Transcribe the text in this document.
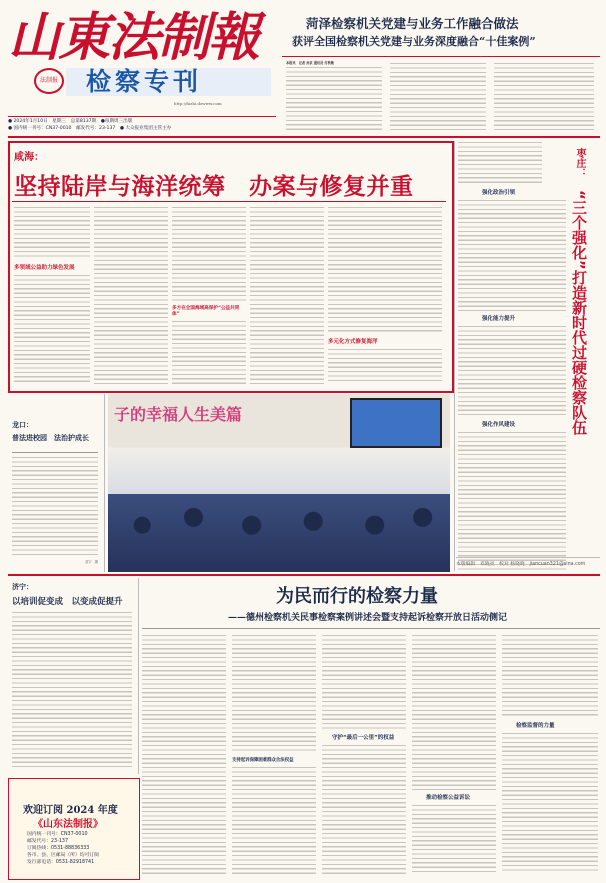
山東法制報
法制报 检察专刊
http://fazhi.dzwww.com
● 2024年1月10日　星期三　总第8137期　●每期周三出版
● 国内统一刊号：CN37-0010　邮发代号：23-137　● 大众报业集团主管主办
菏泽检察机关党建与业务工作融合做法
获评全国检察机关党建与业务深度融合“十佳案例”
本报讯　记者 孙京 通讯员 付秋敏
咸海：
坚持陆岸与海洋统筹　办案与修复并重
多领域公益助力绿色发展
多方在全国海域高保护“公益共同体”
多元化方式修复海洋
龙口：
普法进校园　法治护成长
苗宇　摄
子的幸福人生美篇
枣庄：
“三个强化”打造新时代过硬检察队伍
强化政治引领
强化能力提升
强化作风建设
本版编辑　邓晓亮　校对 杨晓晓　jiancuan321@sina.com
济宁：
以培训促变成　以变成促提升
欢迎订阅 2024 年度
《山东法制报》
国内统一刊号：CN37-0010
邮发代号：23-137
订阅热线：0531-88836333
各市、县、区邮局（所）均可订阅
发行部电话：0531-82918741
为民而行的检察力量
——德州检察机关民事检察案例讲述会暨支持起诉检察开放日活动侧记
支持起诉保障困难群众合法权益
守护“最后一公里”的权益
推动检察公益诉讼
检察监督的力量
